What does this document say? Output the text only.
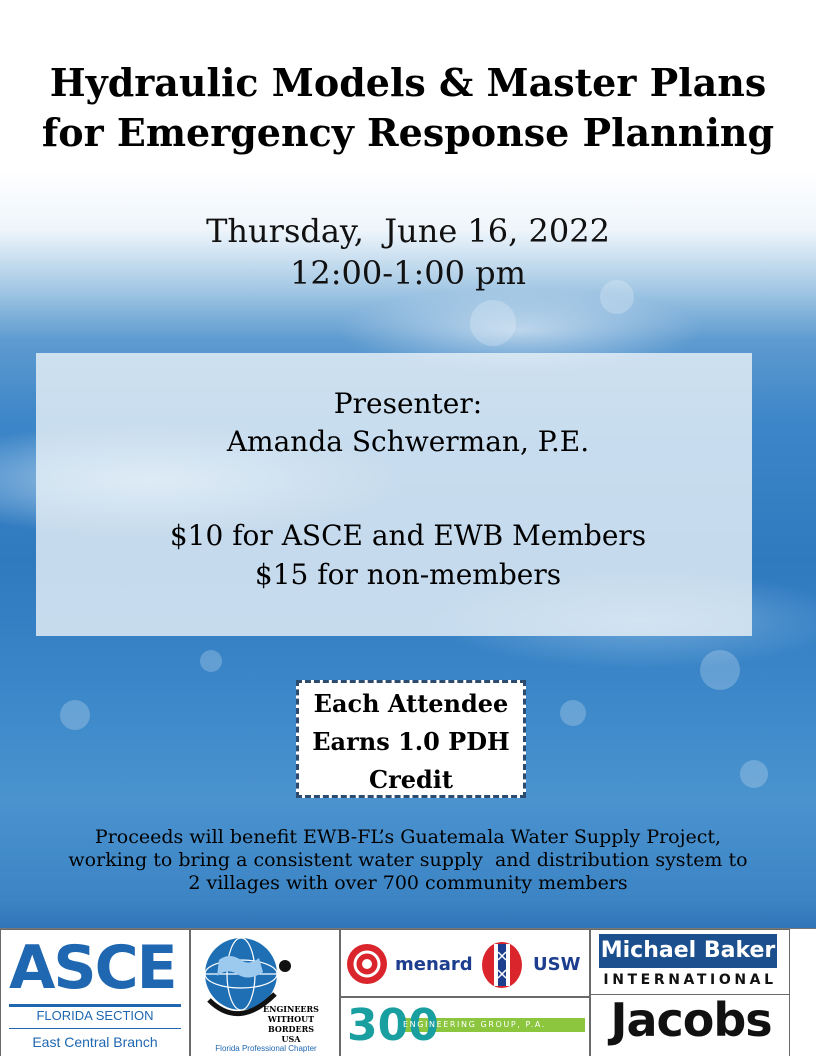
Hydraulic Models & Master Plans
for Emergency Response Planning
Thursday,  June 16, 2022
12:00-1:00 pm
Presenter:
Amanda Schwerman, P.E.
$10 for ASCE and EWB Members
$15 for non-members
Each Attendee
Earns 1.0 PDH
Credit
Proceeds will benefit EWB-FL’s Guatemala Water Supply Project,
working to bring a consistent water supply  and distribution system to
2 villages with over 700 community members
ASCE
FLORIDA SECTION
East Central Branch
ENGINEERS
WITHOUT
BORDERS
USA
Florida Professional Chapter
menard	USW
300
ENGINEERING GROUP, P.A.
Michael Baker
INTERNATIONAL
Jacobs
